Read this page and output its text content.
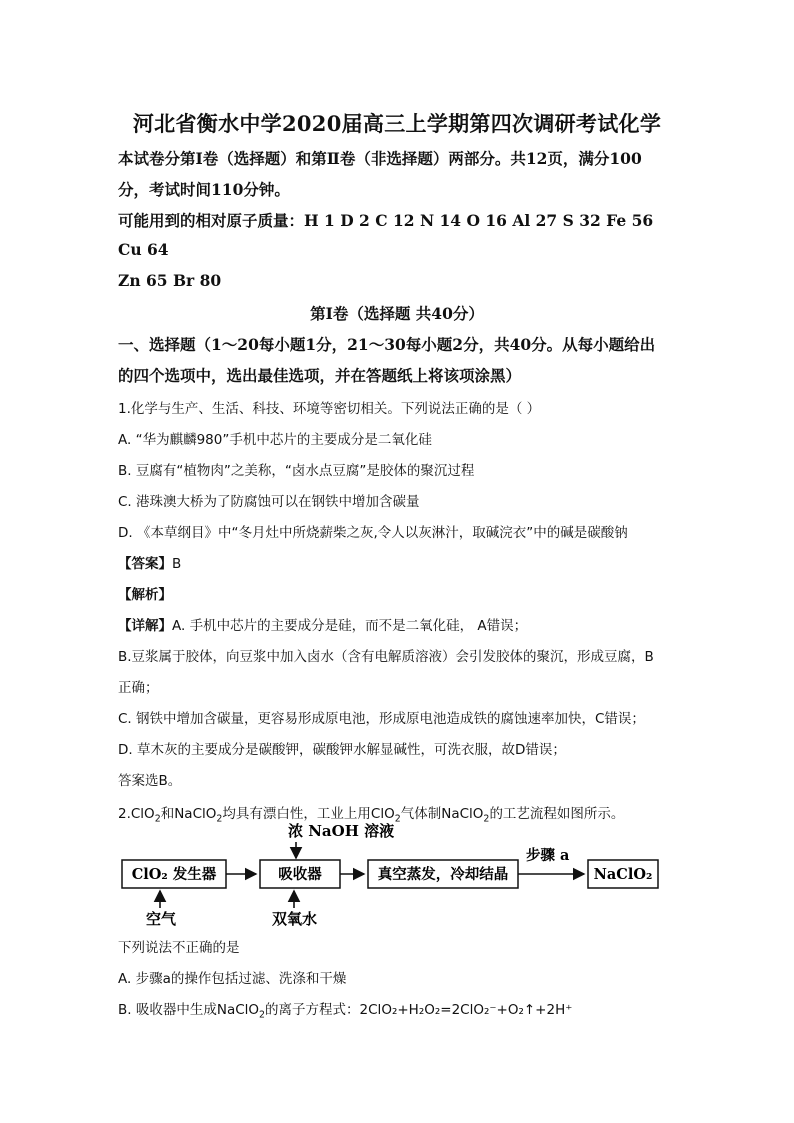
河北省衡水中学2020届高三上学期第四次调研考试化学
本试卷分第Ⅰ卷（选择题）和第Ⅱ卷（非选择题）两部分。共12页，满分100
分，考试时间110分钟。
可能用到的相对原子质量：H 1 D 2 C 12 N 14 O 16 Al 27 S 32 Fe 56
Cu 64
Zn 65 Br 80
第Ⅰ卷（选择题 共40分）
一、选择题（1～20每小题1分，21～30每小题2分，共40分。从每小题给出
的四个选项中，选出最佳选项，并在答题纸上将该项涂黑）
1.化学与生产、生活、科技、环境等密切相关。下列说法正确的是（ ）
A. “华为麒麟980”手机中芯片的主要成分是二氧化硅
B. 豆腐有“植物肉”之美称，“卤水点豆腐”是胶体的聚沉过程
C. 港珠澳大桥为了防腐蚀可以在钢铁中增加含碳量
D. 《本草纲目》中“冬月灶中所烧薪柴之灰,令人以灰淋汁，取碱浣衣”中的碱是碳酸钠
【答案】B
【解析】
【详解】A. 手机中芯片的主要成分是硅，而不是二氧化硅， A错误；
B.豆浆属于胶体，向豆浆中加入卤水（含有电解质溶液）会引发胶体的聚沉，形成豆腐，B
正确；
C. 钢铁中增加含碳量，更容易形成原电池，形成原电池造成铁的腐蚀速率加快，C错误；
D. 草木灰的主要成分是碳酸钾，碳酸钾水解显碱性，可洗衣服，故D错误；
答案选B。
2.ClO$_2$和NaClO$_2$均具有漂白性，工业上用ClO$_2$气体制NaClO$_2$的工艺流程如图所示。
浓 NaOH 溶液
ClO₂ 发生器	吸收器	真空蒸发，冷却结晶
步骤 a
NaClO₂
空气	双氧水
下列说法不正确的是
A. 步骤a的操作包括过滤、洗涤和干燥
B. 吸收器中生成NaClO$_2$的离子方程式：2ClO₂+H₂O₂=2ClO₂⁻+O₂↑+2H⁺
